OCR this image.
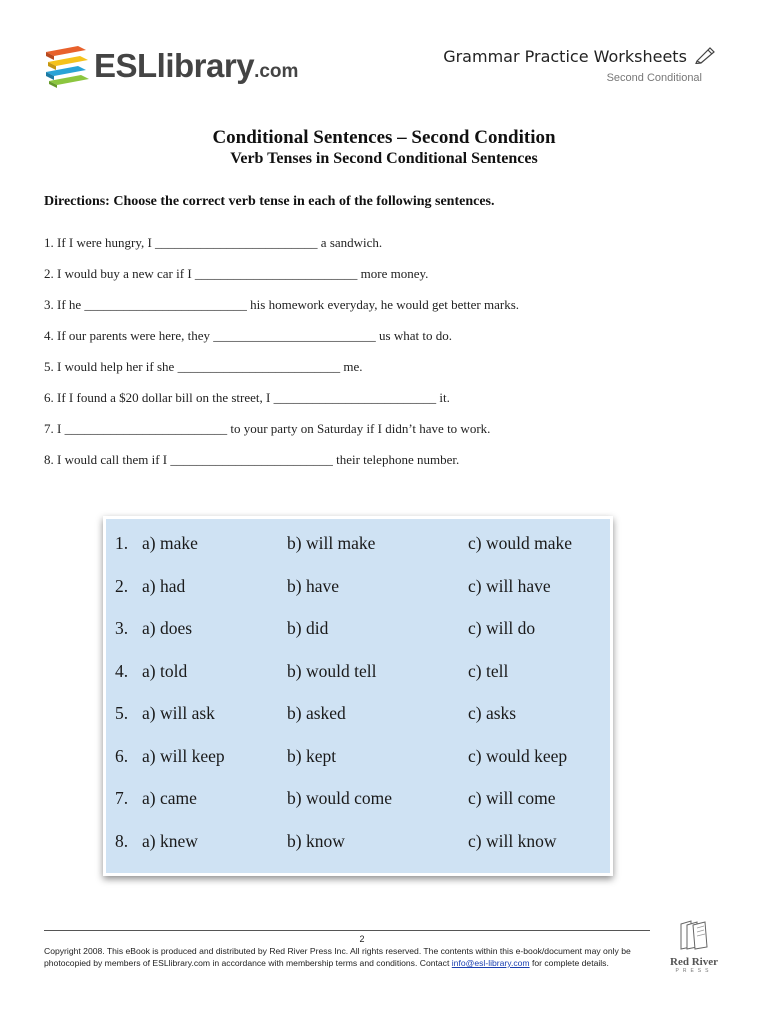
ESLlibrary.com
Grammar Practice Worksheets
Second Conditional
Conditional Sentences – Second Condition
Verb Tenses in Second Conditional Sentences
Directions: Choose the correct verb tense in each of the following sentences.
1. If I were hungry, I _________________________ a sandwich.
2. I would buy a new car if I _________________________ more money.
3. If he _________________________ his homework everyday, he would get better marks.
4. If our parents were here, they _________________________ us what to do.
5. I would help her if she _________________________ me.
6. If I found a $20 dollar bill on the street, I _________________________ it.
7. I _________________________ to your party on Saturday if I didn’t have to work.
8. I would call them if I _________________________ their telephone number.
1. a) make	b) will make	c) would make
2. a) had	b) have	c) will have
3. a) does	b) did	c) will do
4. a) told	b) would tell	c) tell
5. a) will ask	b) asked	c) asks
6. a) will keep	b) kept	c) would keep
7. a) came	b) would come	c) will come
8. a) knew	b) know	c) will know
2
Copyright 2008. This eBook is produced and distributed by Red River Press Inc. All rights reserved. The contents within this e-book/document may only be photocopied by members of ESLlibrary.com in accordance with membership terms and conditions. Contact info@esl-library.com for complete details.	Red River
PRESS
